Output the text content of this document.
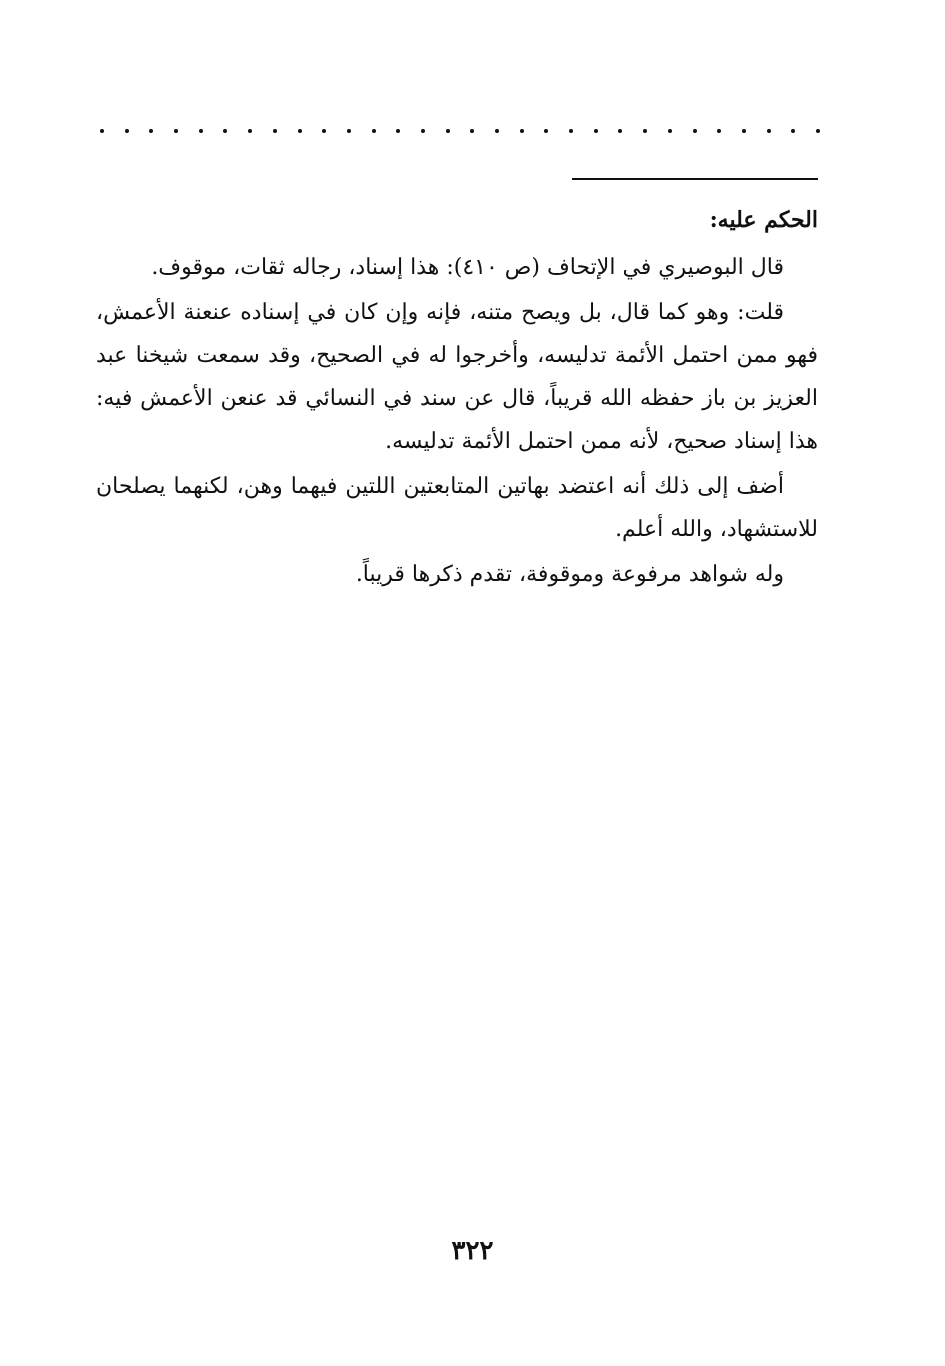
الحكم عليه:

قال البوصيري في الإتحاف (ص ٤١٠): هذا إسناد، رجاله ثقات، موقوف.

قلت: وهو كما قال، بل ويصح متنه، فإنه وإن كان في إسناده عنعنة الأعمش، فهو ممن احتمل الأئمة تدليسه، وأخرجوا له في الصحيح، وقد سمعت شيخنا عبد العزيز بن باز حفظه الله قريباً، قال عن سند في النسائي قد عنعن الأعمش فيه: هذا إسناد صحيح، لأنه ممن احتمل الأئمة تدليسه.

أضف إلى ذلك أنه اعتضد بهاتين المتابعتين اللتين فيهما وهن، لكنهما يصلحان للاستشهاد، والله أعلم.

وله شواهد مرفوعة وموقوفة، تقدم ذكرها قريباً.

٣٢٢
